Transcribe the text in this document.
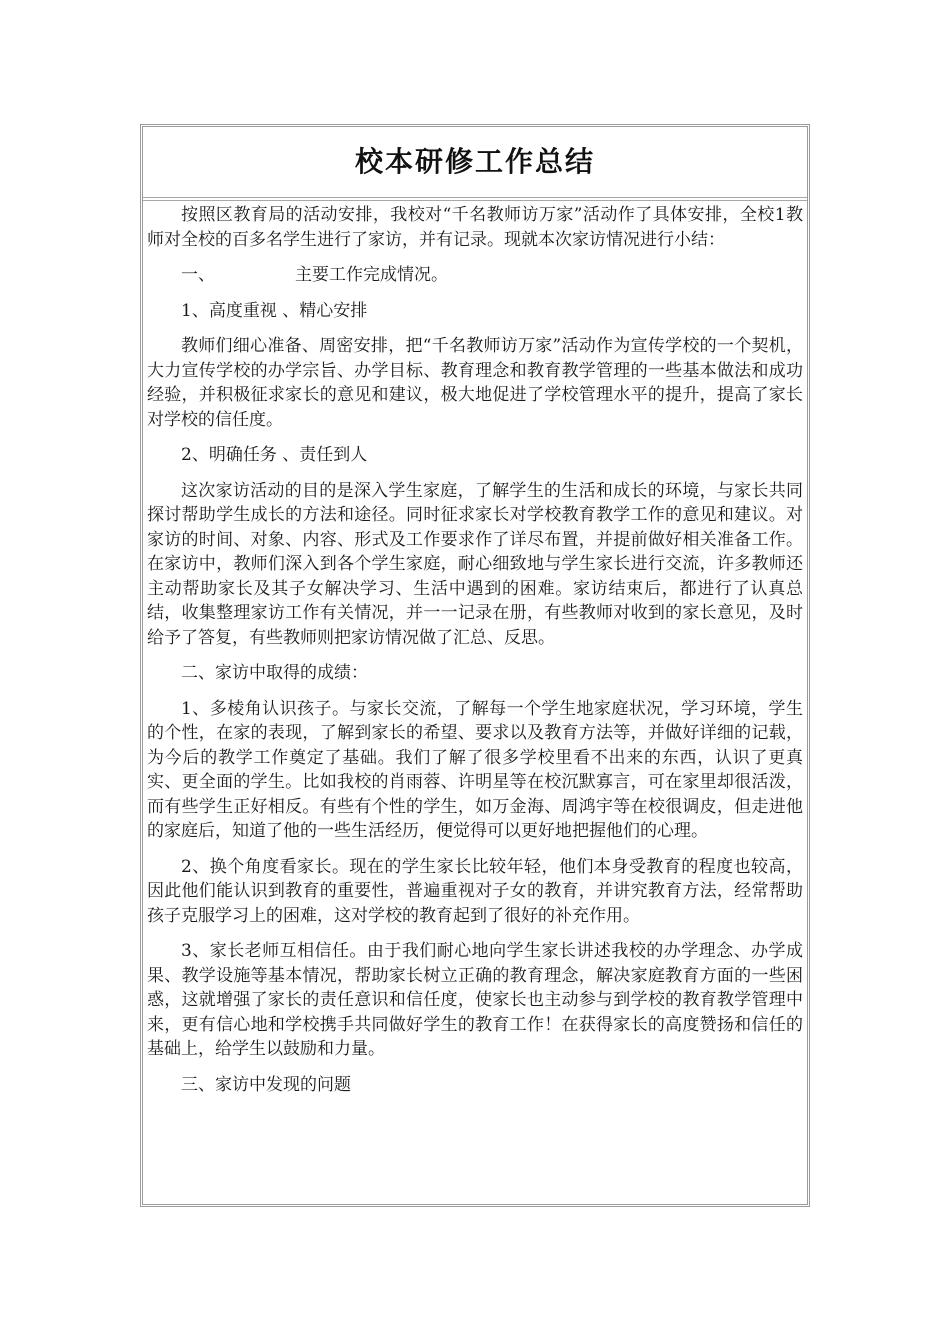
校本研修工作总结

按照区教育局的活动安排，我校对“千名教师访万家”活动作了具体安排，全校1教师对全校的百多名学生进行了家访，并有记录。现就本次家访情况进行小结：

一、	主要工作完成情况。

1、高度重视 、精心安排

教师们细心准备、周密安排，把“千名教师访万家”活动作为宣传学校的一个契机，大力宣传学校的办学宗旨、办学目标、教育理念和教育教学管理的一些基本做法和成功经验，并积极征求家长的意见和建议，极大地促进了学校管理水平的提升，提高了家长对学校的信任度。

2、明确任务 、责任到人

这次家访活动的目的是深入学生家庭，了解学生的生活和成长的环境，与家长共同探讨帮助学生成长的方法和途径。同时征求家长对学校教育教学工作的意见和建议。对家访的时间、对象、内容、形式及工作要求作了详尽布置，并提前做好相关准备工作。在家访中，教师们深入到各个学生家庭，耐心细致地与学生家长进行交流，许多教师还主动帮助家长及其子女解决学习、生活中遇到的困难。家访结束后，都进行了认真总结，收集整理家访工作有关情况，并一一记录在册，有些教师对收到的家长意见，及时给予了答复，有些教师则把家访情况做了汇总、反思。

二、家访中取得的成绩：

1、多棱角认识孩子。与家长交流，了解每一个学生地家庭状况，学习环境，学生的个性，在家的表现，了解到家长的希望、要求以及教育方法等，并做好详细的记载，为今后的教学工作奠定了基础。我们了解了很多学校里看不出来的东西，认识了更真实、更全面的学生。比如我校的肖雨蓉、许明星等在校沉默寡言，可在家里却很活泼，而有些学生正好相反。有些有个性的学生，如万金海、周鸿宇等在校很调皮，但走进他的家庭后，知道了他的一些生活经历，便觉得可以更好地把握他们的心理。

2、换个角度看家长。现在的学生家长比较年轻，他们本身受教育的程度也较高，因此他们能认识到教育的重要性，普遍重视对子女的教育，并讲究教育方法，经常帮助孩子克服学习上的困难，这对学校的教育起到了很好的补充作用。

3、家长老师互相信任。由于我们耐心地向学生家长讲述我校的办学理念、办学成果、教学设施等基本情况，帮助家长树立正确的教育理念，解决家庭教育方面的一些困惑，这就增强了家长的责任意识和信任度，使家长也主动参与到学校的教育教学管理中来，更有信心地和学校携手共同做好学生的教育工作！在获得家长的高度赞扬和信任的基础上，给学生以鼓励和力量。

三、家访中发现的问题
